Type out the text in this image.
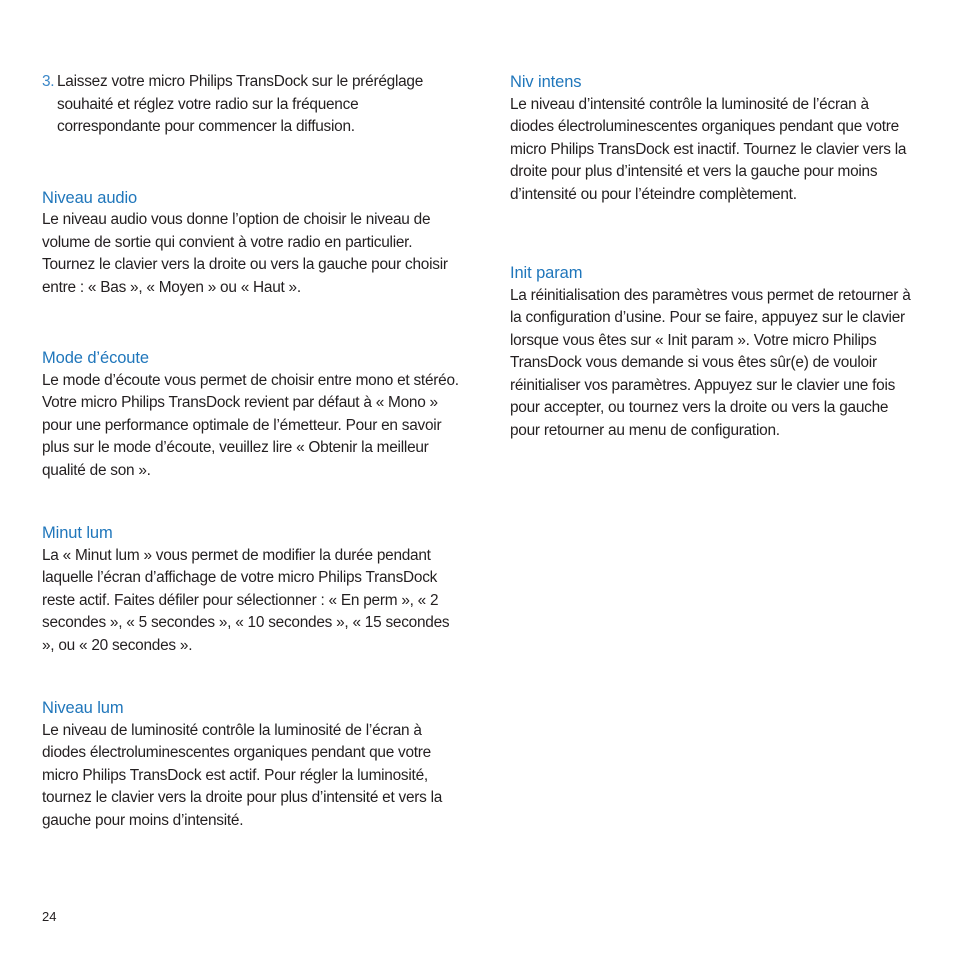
3. Laissez votre micro Philips TransDock sur le préréglage souhaité et réglez votre radio sur la fréquence correspondante pour commencer la diffusion.
Niveau audio

Le niveau audio vous donne l’option de choisir le niveau de volume de sortie qui convient à votre radio en particulier. Tournez le clavier vers la droite ou vers la gauche pour choisir entre : « Bas », « Moyen » ou « Haut ».

Mode d’écoute

Le mode d’écoute vous permet de choisir entre mono et stéréo. Votre micro Philips TransDock revient par défaut à « Mono » pour une performance optimale de l’émetteur. Pour en savoir plus sur le mode d’écoute, veuillez lire « Obtenir la meilleur qualité de son ».

Minut lum

La « Minut lum » vous permet de modifier la durée pendant laquelle l’écran d’affichage de votre micro Philips TransDock reste actif. Faites défiler pour sélectionner : « En perm », « 2 secondes », « 5 secondes », « 10 secondes », « 15 secondes », ou « 20 secondes ».

Niveau lum

Le niveau de luminosité contrôle la luminosité de l’écran à diodes électroluminescentes organiques pendant que votre micro Philips TransDock est actif. Pour régler la luminosité, tournez le clavier vers la droite pour plus d’intensité et vers la gauche pour moins d’intensité.

Niv intens

Le niveau d’intensité contrôle la luminosité de l’écran à diodes électroluminescentes organiques pendant que votre micro Philips TransDock est inactif. Tournez le clavier vers la droite pour plus d’intensité et vers la gauche pour moins d’intensité ou pour l’éteindre complètement.

Init param

La réinitialisation des paramètres vous permet de retourner à la configuration d’usine. Pour se faire, appuyez sur le clavier lorsque vous êtes sur « Init param ». Votre micro Philips TransDock vous demande si vous êtes sûr(e) de vouloir réinitialiser vos paramètres. Appuyez sur le clavier une fois pour accepter, ou tournez vers la droite ou vers la gauche pour retourner au menu de configuration.

24
